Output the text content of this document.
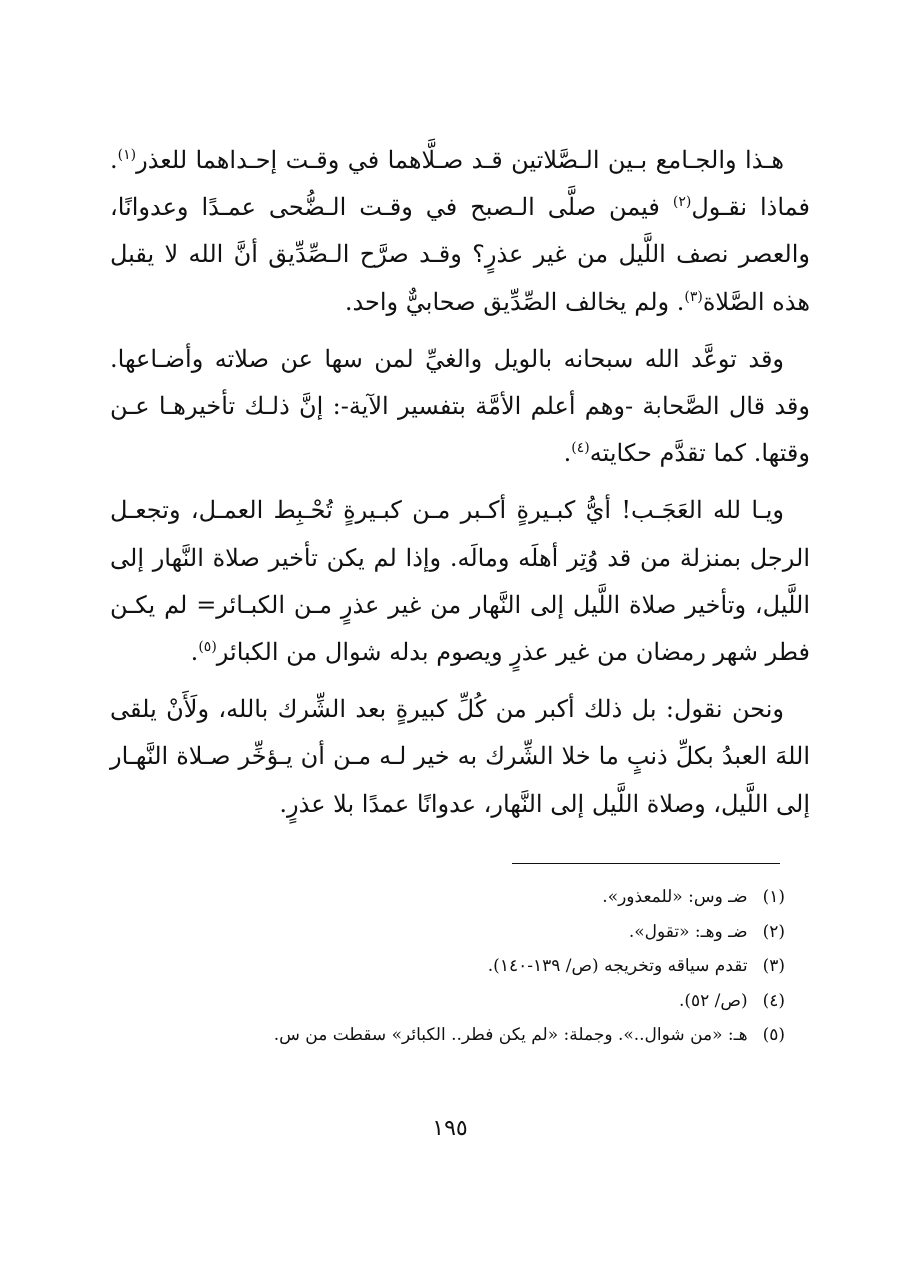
هـذا والجـامع بـين الـصَّلاتين قـد صـلَّاهما في وقـت إحـداهما للعذر$^{(١)}$. فماذا نقـول$^{(٢)}$ فيمن صلَّى الـصبح في وقـت الـضُّحى عمـدًا وعدوانًا، والعصر نصف اللَّيل من غير عذرٍ؟ وقـد صرَّح الـصِّدِّيق أنَّ الله لا يقبل هذه الصَّلاة$^{(٣)}$. ولم يخالف الصِّدِّيق صحابيٌّ واحد.

وقد توعَّد الله سبحانه بالويل والغيِّ لمن سها عن صلاته وأضـاعها. وقد قال الصَّحابة -وهم أعلم الأمَّة بتفسير الآية-: إنَّ ذلـك تأخيرهـا عـن وقتها. كما تقدَّم حكايته$^{(٤)}$.

ويـا لله العَجَـب! أيُّ كبـيرةٍ أكـبر مـن كبـيرةٍ تُحْـبِط العمـل، وتجعـل الرجل بمنزلة من قد وُتِر أهلَه ومالَه. وإذا لم يكن تأخير صلاة النَّهار إلى اللَّيل، وتأخير صلاة اللَّيل إلى النَّهار من غير عذرٍ مـن الكبـائر= لم يكـن فطر شهر رمضان من غير عذرٍ ويصوم بدله شوال من الكبائر$^{(٥)}$.

ونحن نقول: بل ذلك أكبر من كُلِّ كبيرةٍ بعد الشِّرك بالله، ولَأَنْ يلقى اللهَ العبدُ بكلِّ ذنبٍ ما خلا الشِّرك به خير لـه مـن أن يـؤخِّر صـلاة النَّهـار إلى اللَّيل، وصلاة اللَّيل إلى النَّهار، عدوانًا عمدًا بلا عذرٍ.

(١) ضـ وس: «للمعذور».
(٢) ضـ وهـ: «تقول».
(٣) تقدم سياقه وتخريجه (ص/ ١٣٩-١٤٠).
(٤) (ص/ ٥٢).
(٥) هـ: «من شوال..». وجملة: «لم يكن فطر.. الكبائر» سقطت من س.
١٩٥
